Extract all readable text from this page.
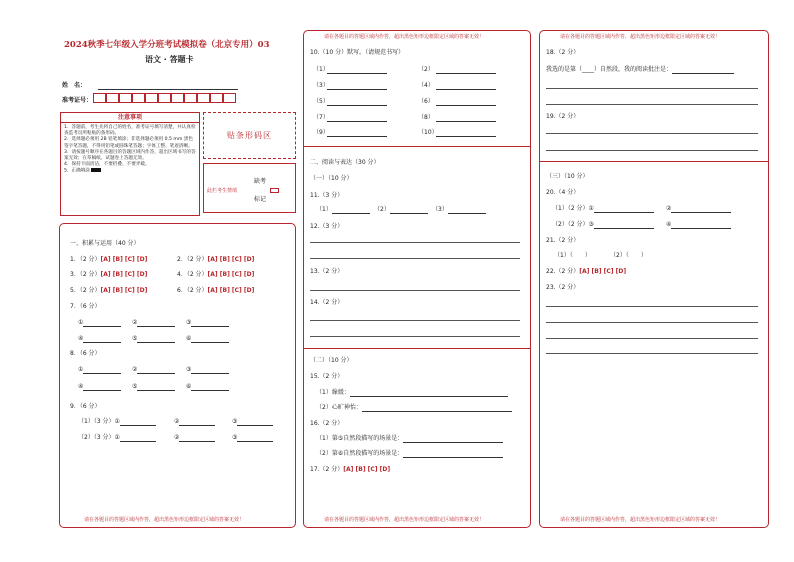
2024秋季七年级入学分班考试模拟卷（北京专用）03
语文 · 答题卡
姓　名：
准考证号：
注意事项
1．答题前，考生先将自己的姓名，准考证号填写清楚，并认真检查监考员所粘贴的条形码。
2．选择题必须用 2B 铅笔填涂；非选择题必须用 0.5 mm 黑色签字笔答题，不得用铅笔或圆珠笔答题；字体工整、笔迹清晰。
3．请按题号顺序在各题目的答题区域内作答，超出区域书写的答案无效；在草稿纸、试题卷上答题无效。
4．保持卡面清洁，不要折叠、不要弄破。
5．正确填涂
贴条形码区
缺考
此栏考生禁填
标记
一、积累与运用（40 分）
1．（2 分）[A] [B] [C] [D]	2．（2 分）[A] [B] [C] [D]
3．（2 分）[A] [B] [C] [D]	4．（2 分）[A] [B] [C] [D]
5．（2 分）[A] [B] [C] [D]	6．（2 分）[A] [B] [C] [D]
7．（6 分）
①	②	③
④	⑤	⑥
8．（6 分）
①	②	③
④	⑤	⑥
9．（6 分）
（1）（3 分）①	②	③
（2）（3 分）①	②	③
请在各题目的答题区域内作答，超出黑色矩形边框限定区域的答案无效！
请在各题目的答题区域内作答，超出黑色矩形边框限定区域的答案无效！
10.（10 分）默写。（请规范书写）
（1）	（2）
（3）	（4）
（5）	（6）
（7）	（8）
（9）	（10）
二、阅读与表达（30 分）
（一）（10 分）
11.（3 分）
（1）	（2）	（3）
12.（3 分）
13.（2 分）
14.（2 分）
（二）（10 分）
15.（2 分）
（1）線緩：
（2）心旷神怡：
16.（2 分）
（1）第⑤自然段描写的场景是：
（2）第⑥自然段描写的场景是：
17.（2 分）[A] [B] [C] [D]
请在各题目的答题区域内作答，超出黑色矩形边框限定区域的答案无效！
请在各题目的答题区域内作答，超出黑色矩形边框限定区域的答案无效！
18.（2 分）
我选的是第（____）自然段，我的阅读批注是：
19.（2 分）
（三）（10 分）
20.（4 分）
（1）（2 分）①	②
（2）（2 分）③	④
21.（2 分）
（1）（　　）	（2）（　　）
22.（2 分）[A] [B] [C] [D]
23.（2 分）
请在各题目的答题区域内作答，超出黑色矩形边框限定区域的答案无效！
